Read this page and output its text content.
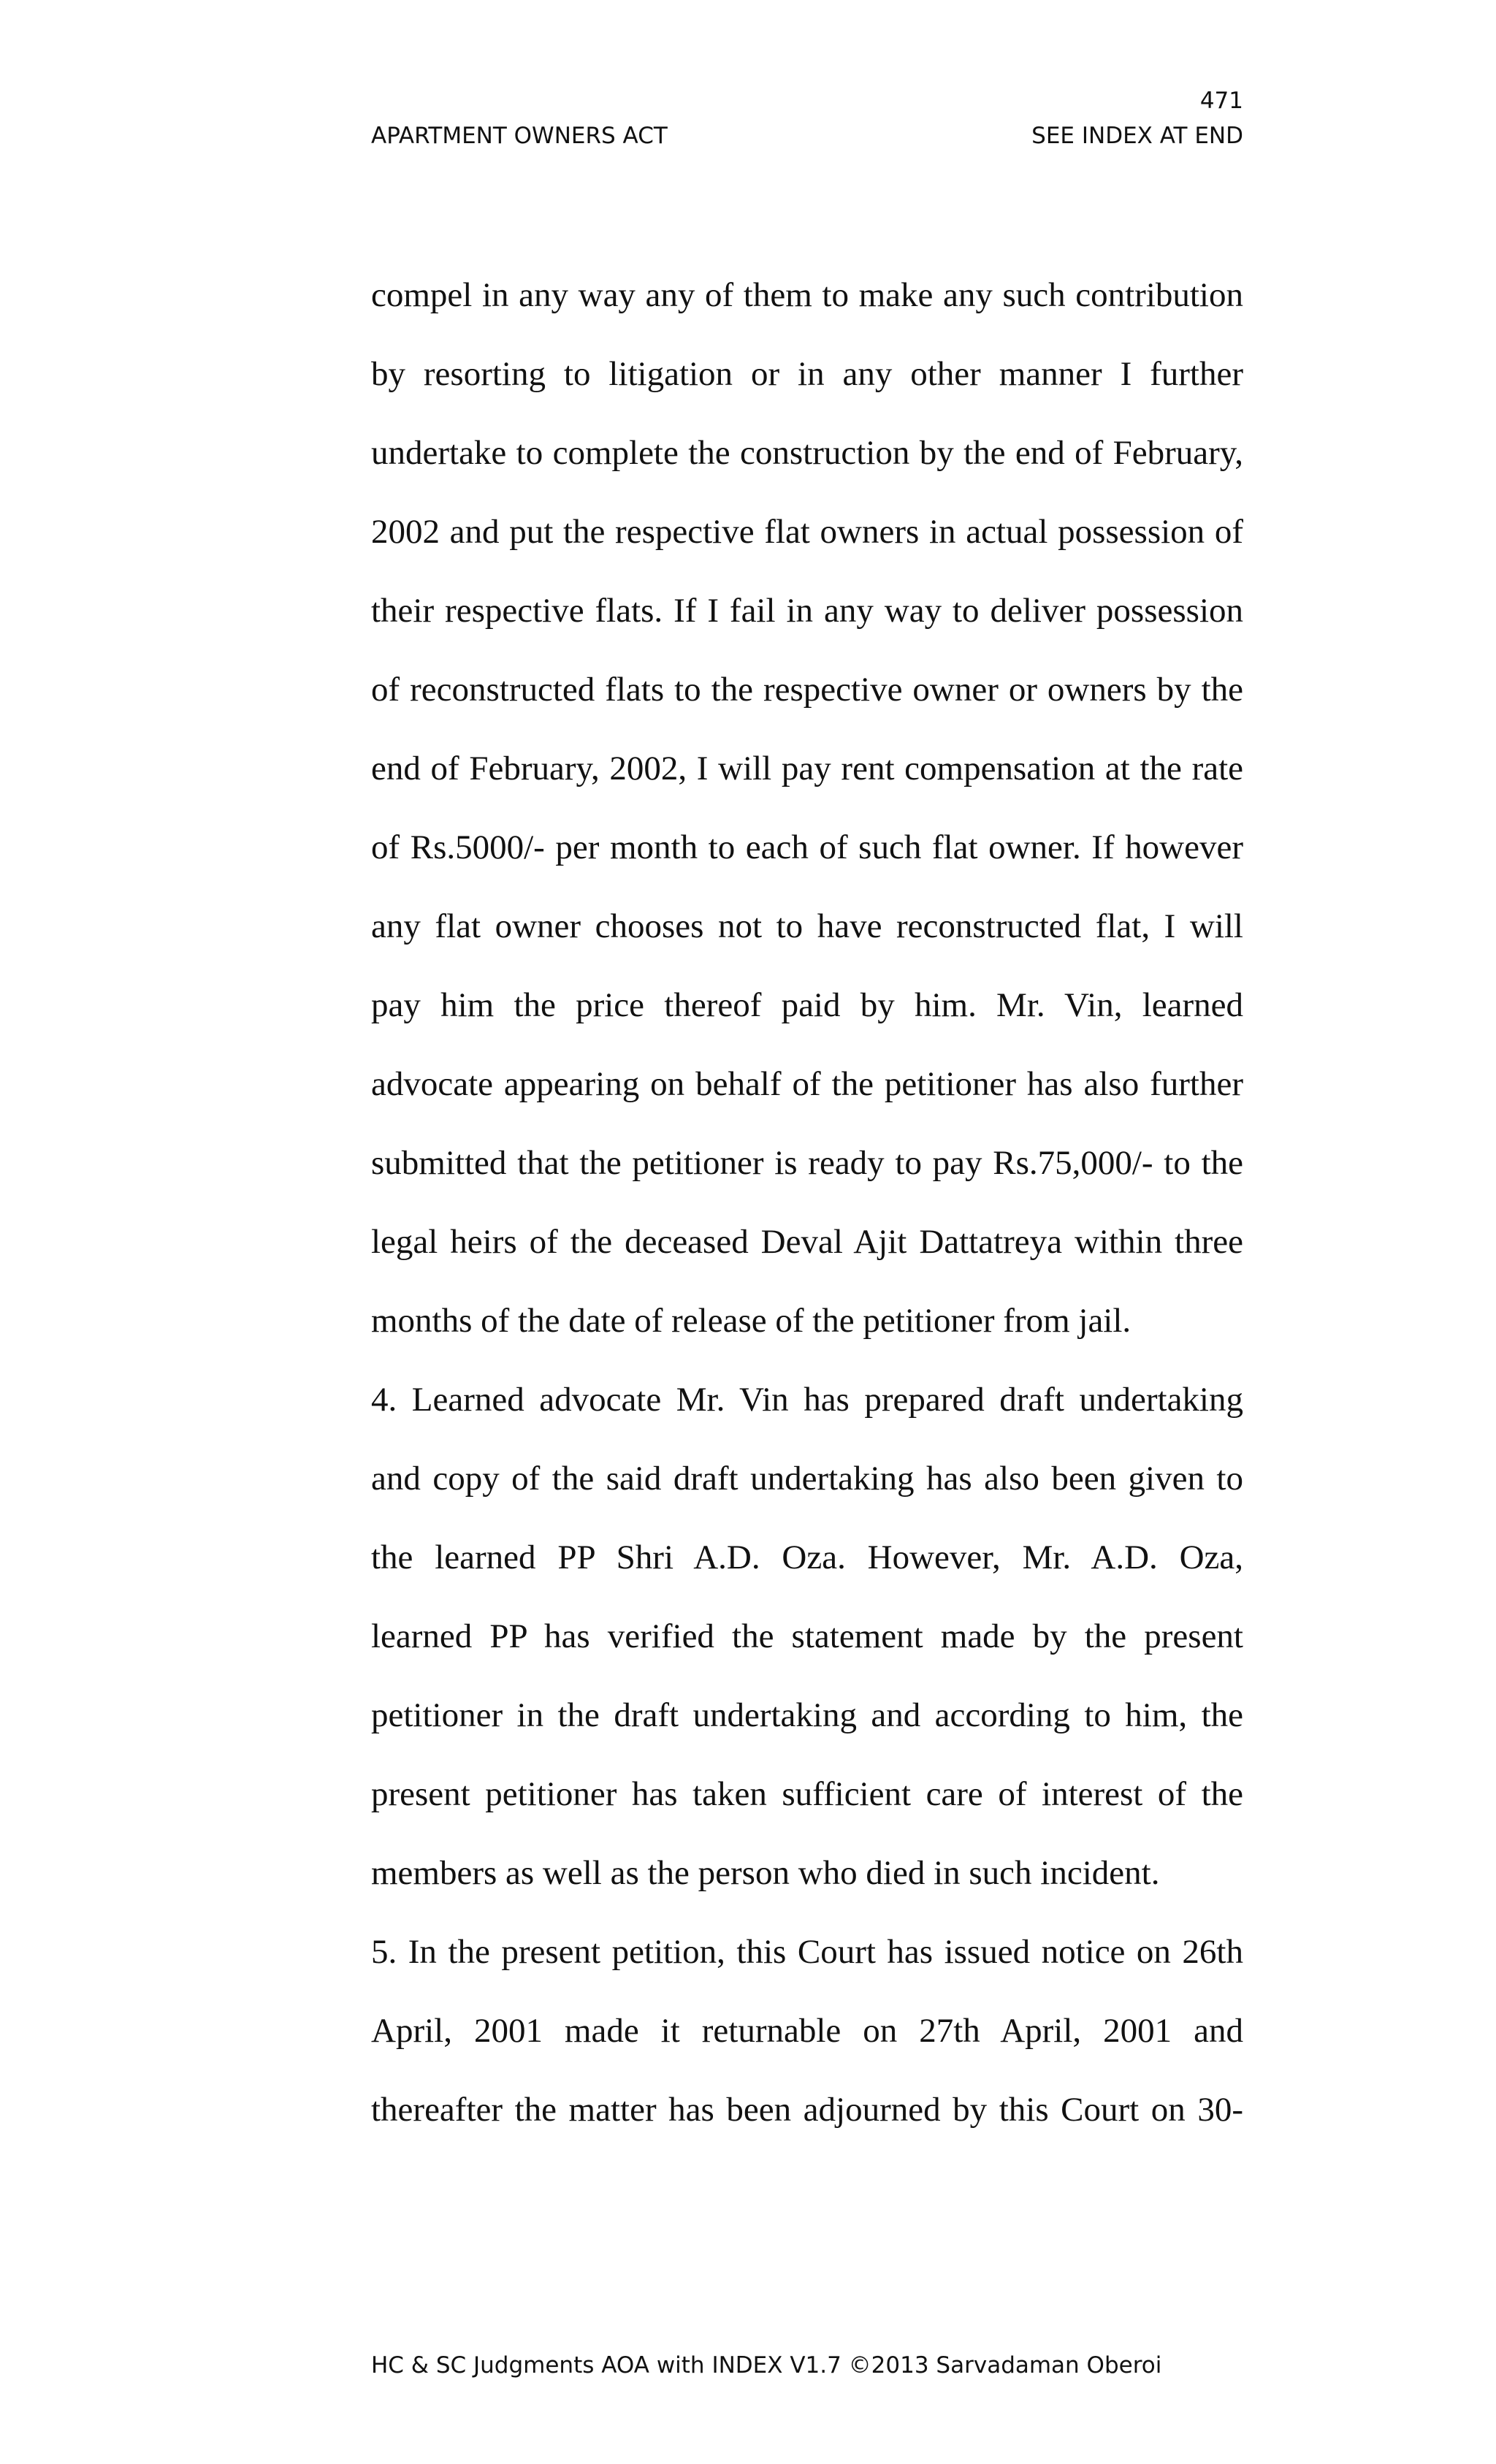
471
APARTMENT OWNERS ACT	SEE INDEX AT END
compel in any way any of them to make any such contribution
by resorting to litigation or in any other manner I further
undertake to complete the construction by the end of February,
2002 and put the respective flat owners in actual possession of
their respective flats. If I fail in any way to deliver possession
of reconstructed flats to the respective owner or owners by the
end of February, 2002, I will pay rent compensation at the rate
of Rs.5000/- per month to each of such flat owner. If however
any flat owner chooses not to have reconstructed flat, I will
pay him the price thereof paid by him. Mr. Vin, learned
advocate appearing on behalf of the petitioner has also further
submitted that the petitioner is ready to pay Rs.75,000/- to the
legal heirs of the deceased Deval Ajit Dattatreya within three
months of the date of release of the petitioner from jail.
4. Learned advocate Mr. Vin has prepared draft undertaking
and copy of the said draft undertaking has also been given to
the learned PP Shri A.D. Oza. However, Mr. A.D. Oza,
learned PP has verified the statement made by the present
petitioner in the draft undertaking and according to him, the
present petitioner has taken sufficient care of interest of the
members as well as the person who died in such incident.
5. In the present petition, this Court has issued notice on 26th
April, 2001 made it returnable on 27th April, 2001 and
thereafter the matter has been adjourned by this Court on 30-
HC & SC Judgments AOA with INDEX V1.7 ©2013 Sarvadaman Oberoi
